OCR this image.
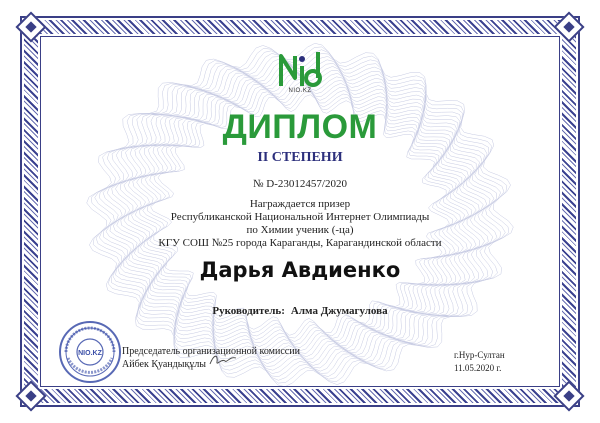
NIO.KZ
ДИПЛОМ
II СТЕПЕНИ
№ D-23012457/2020
Награждается призер
Республиканской Национальной Интернет Олимпиады
по Химии ученик (-ца)
КГУ СОШ №25 города Караганды, Карагандинской области
Дарья Авдиенко
Руководитель: Алма Джумагулова
NIO.KZ Председатель организационной комиссии
Айбек Қуандықұлы
г.Нур-Султан
11.05.2020 г.
